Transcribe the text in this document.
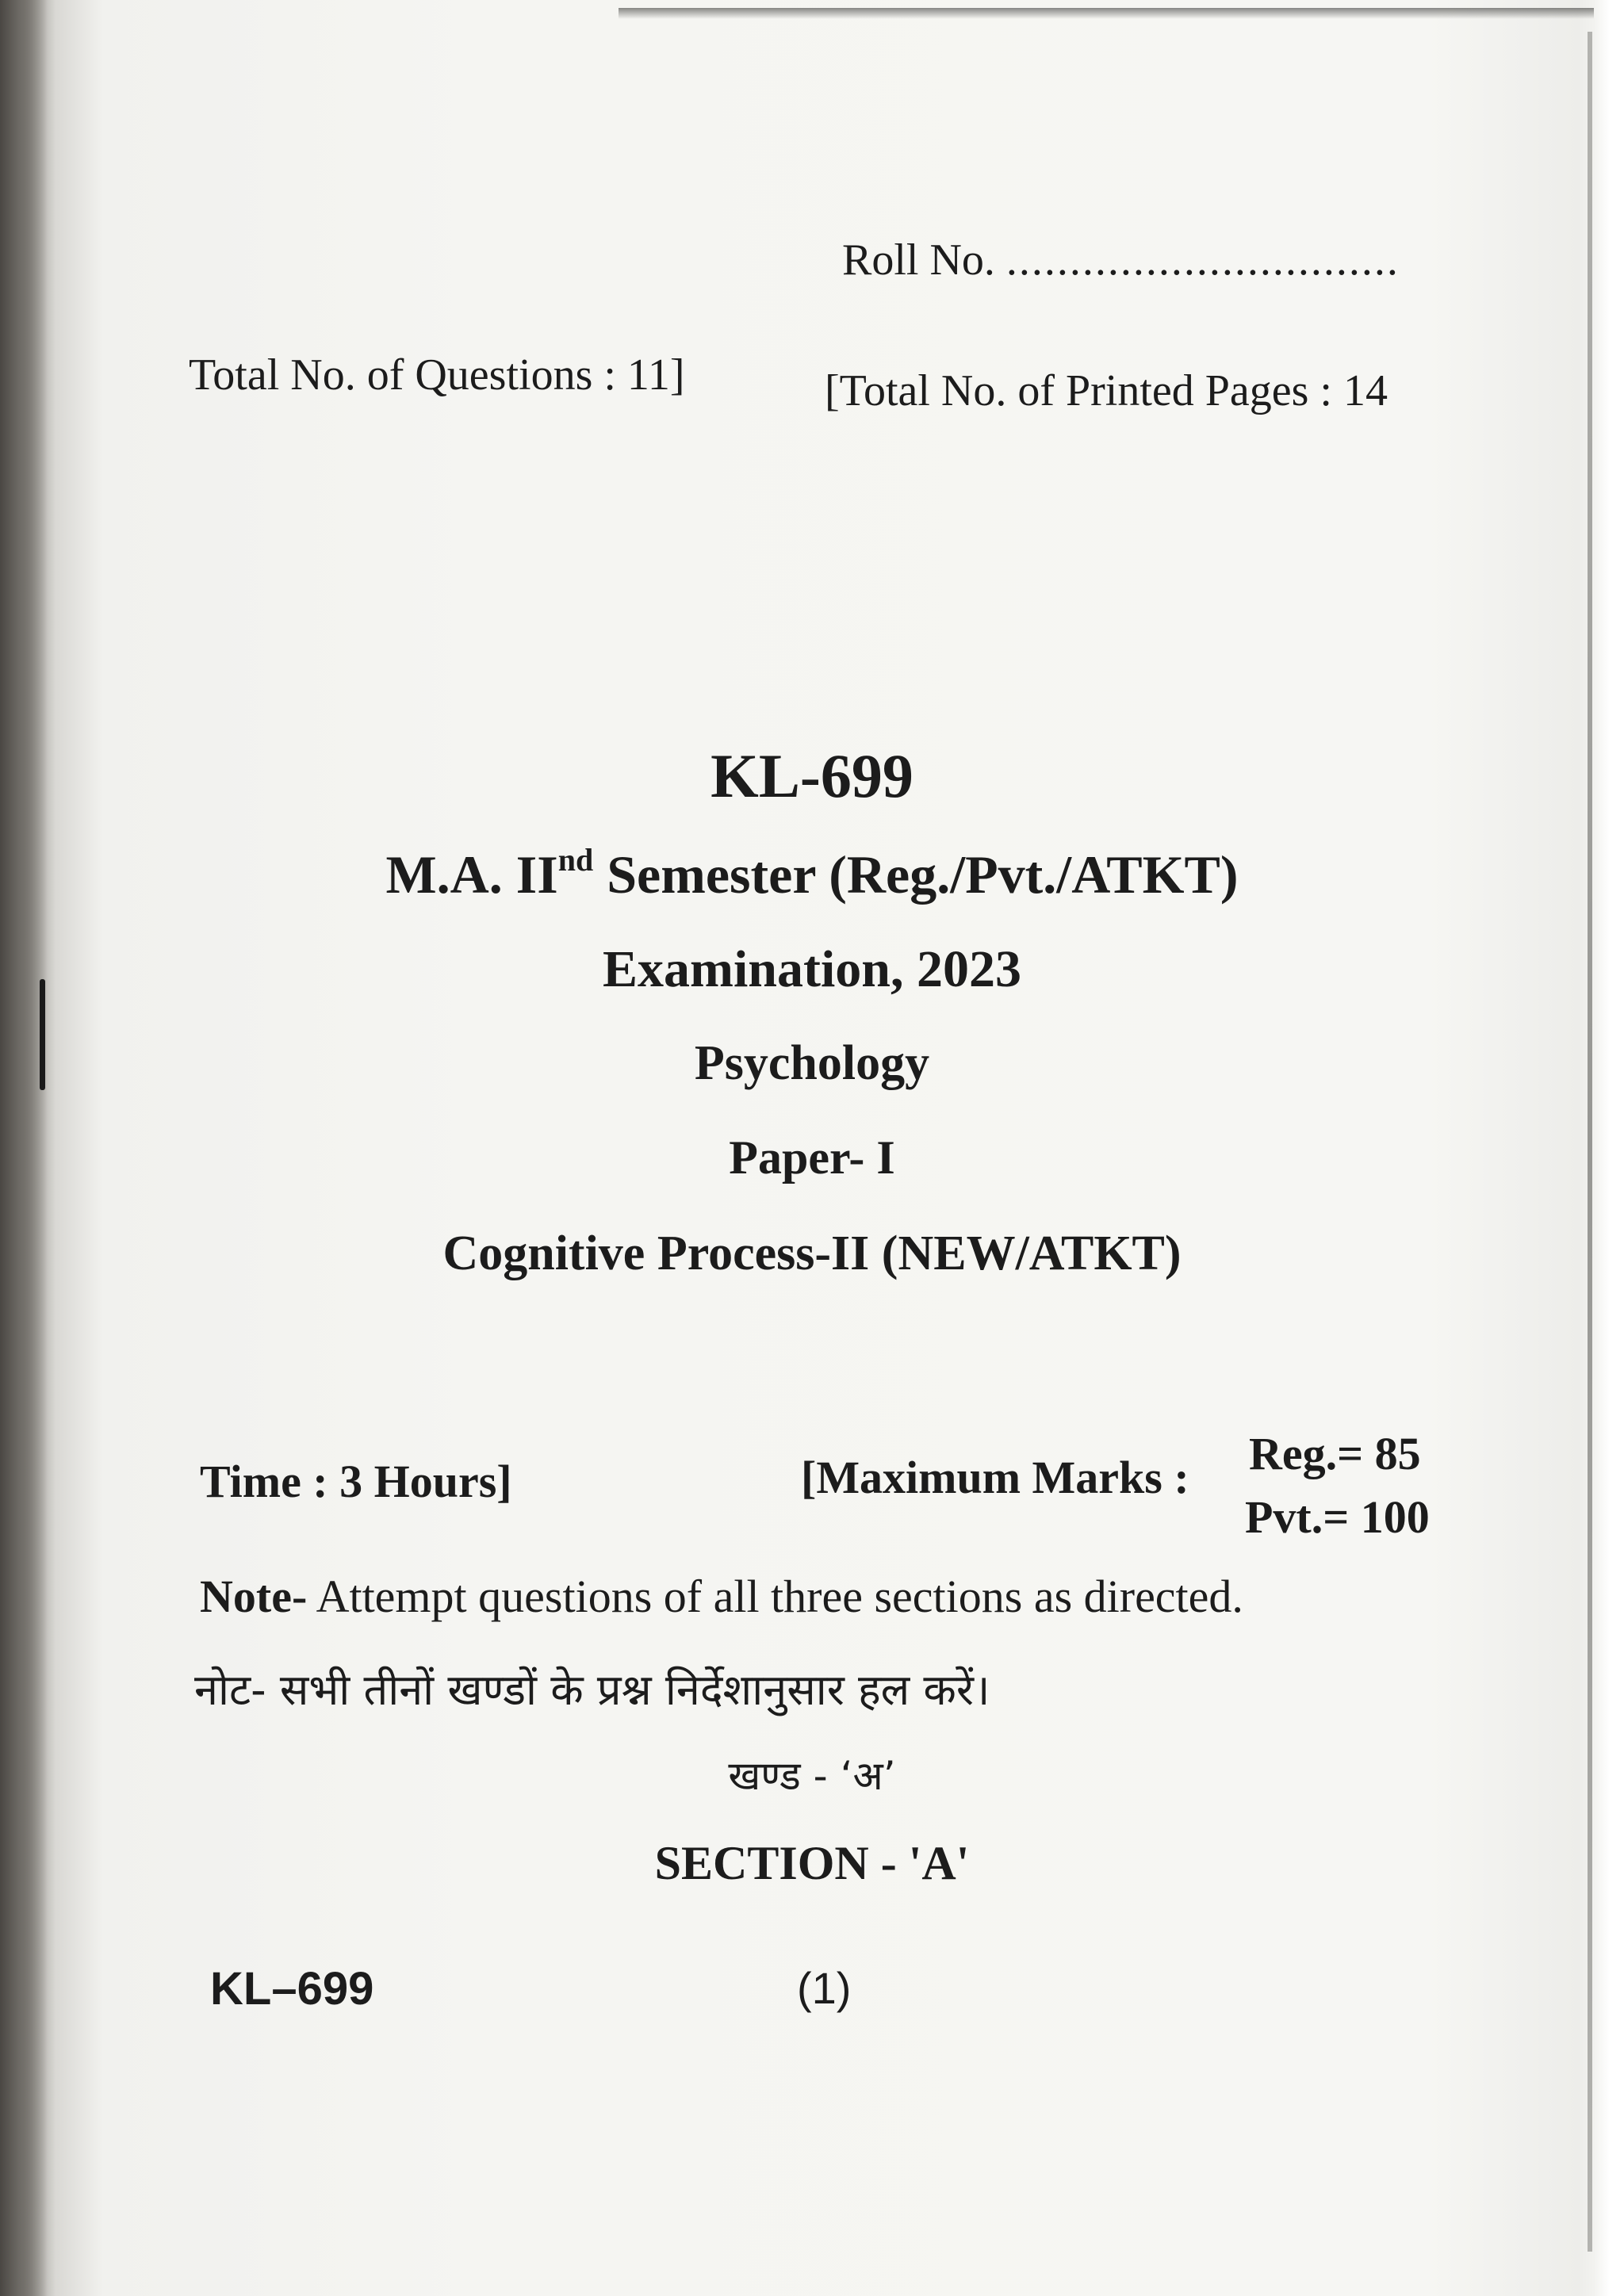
Roll No. ...............................
Total No. of Questions : 11]	[Total No. of Printed Pages : 14
KL-699
M.A. IInd Semester (Reg./Pvt./ATKT)
Examination, 2023
Psychology
Paper- I
Cognitive Process-II (NEW/ATKT)
Time : 3 Hours]	[Maximum Marks : Reg.= 85
Pvt.= 100
Note- Attempt questions of all three sections as directed.
नोट- सभी तीनों खण्डों के प्रश्न निर्देशानुसार हल करें।
खण्ड - ‘अ’
SECTION - 'A'
KL–699	(1)
